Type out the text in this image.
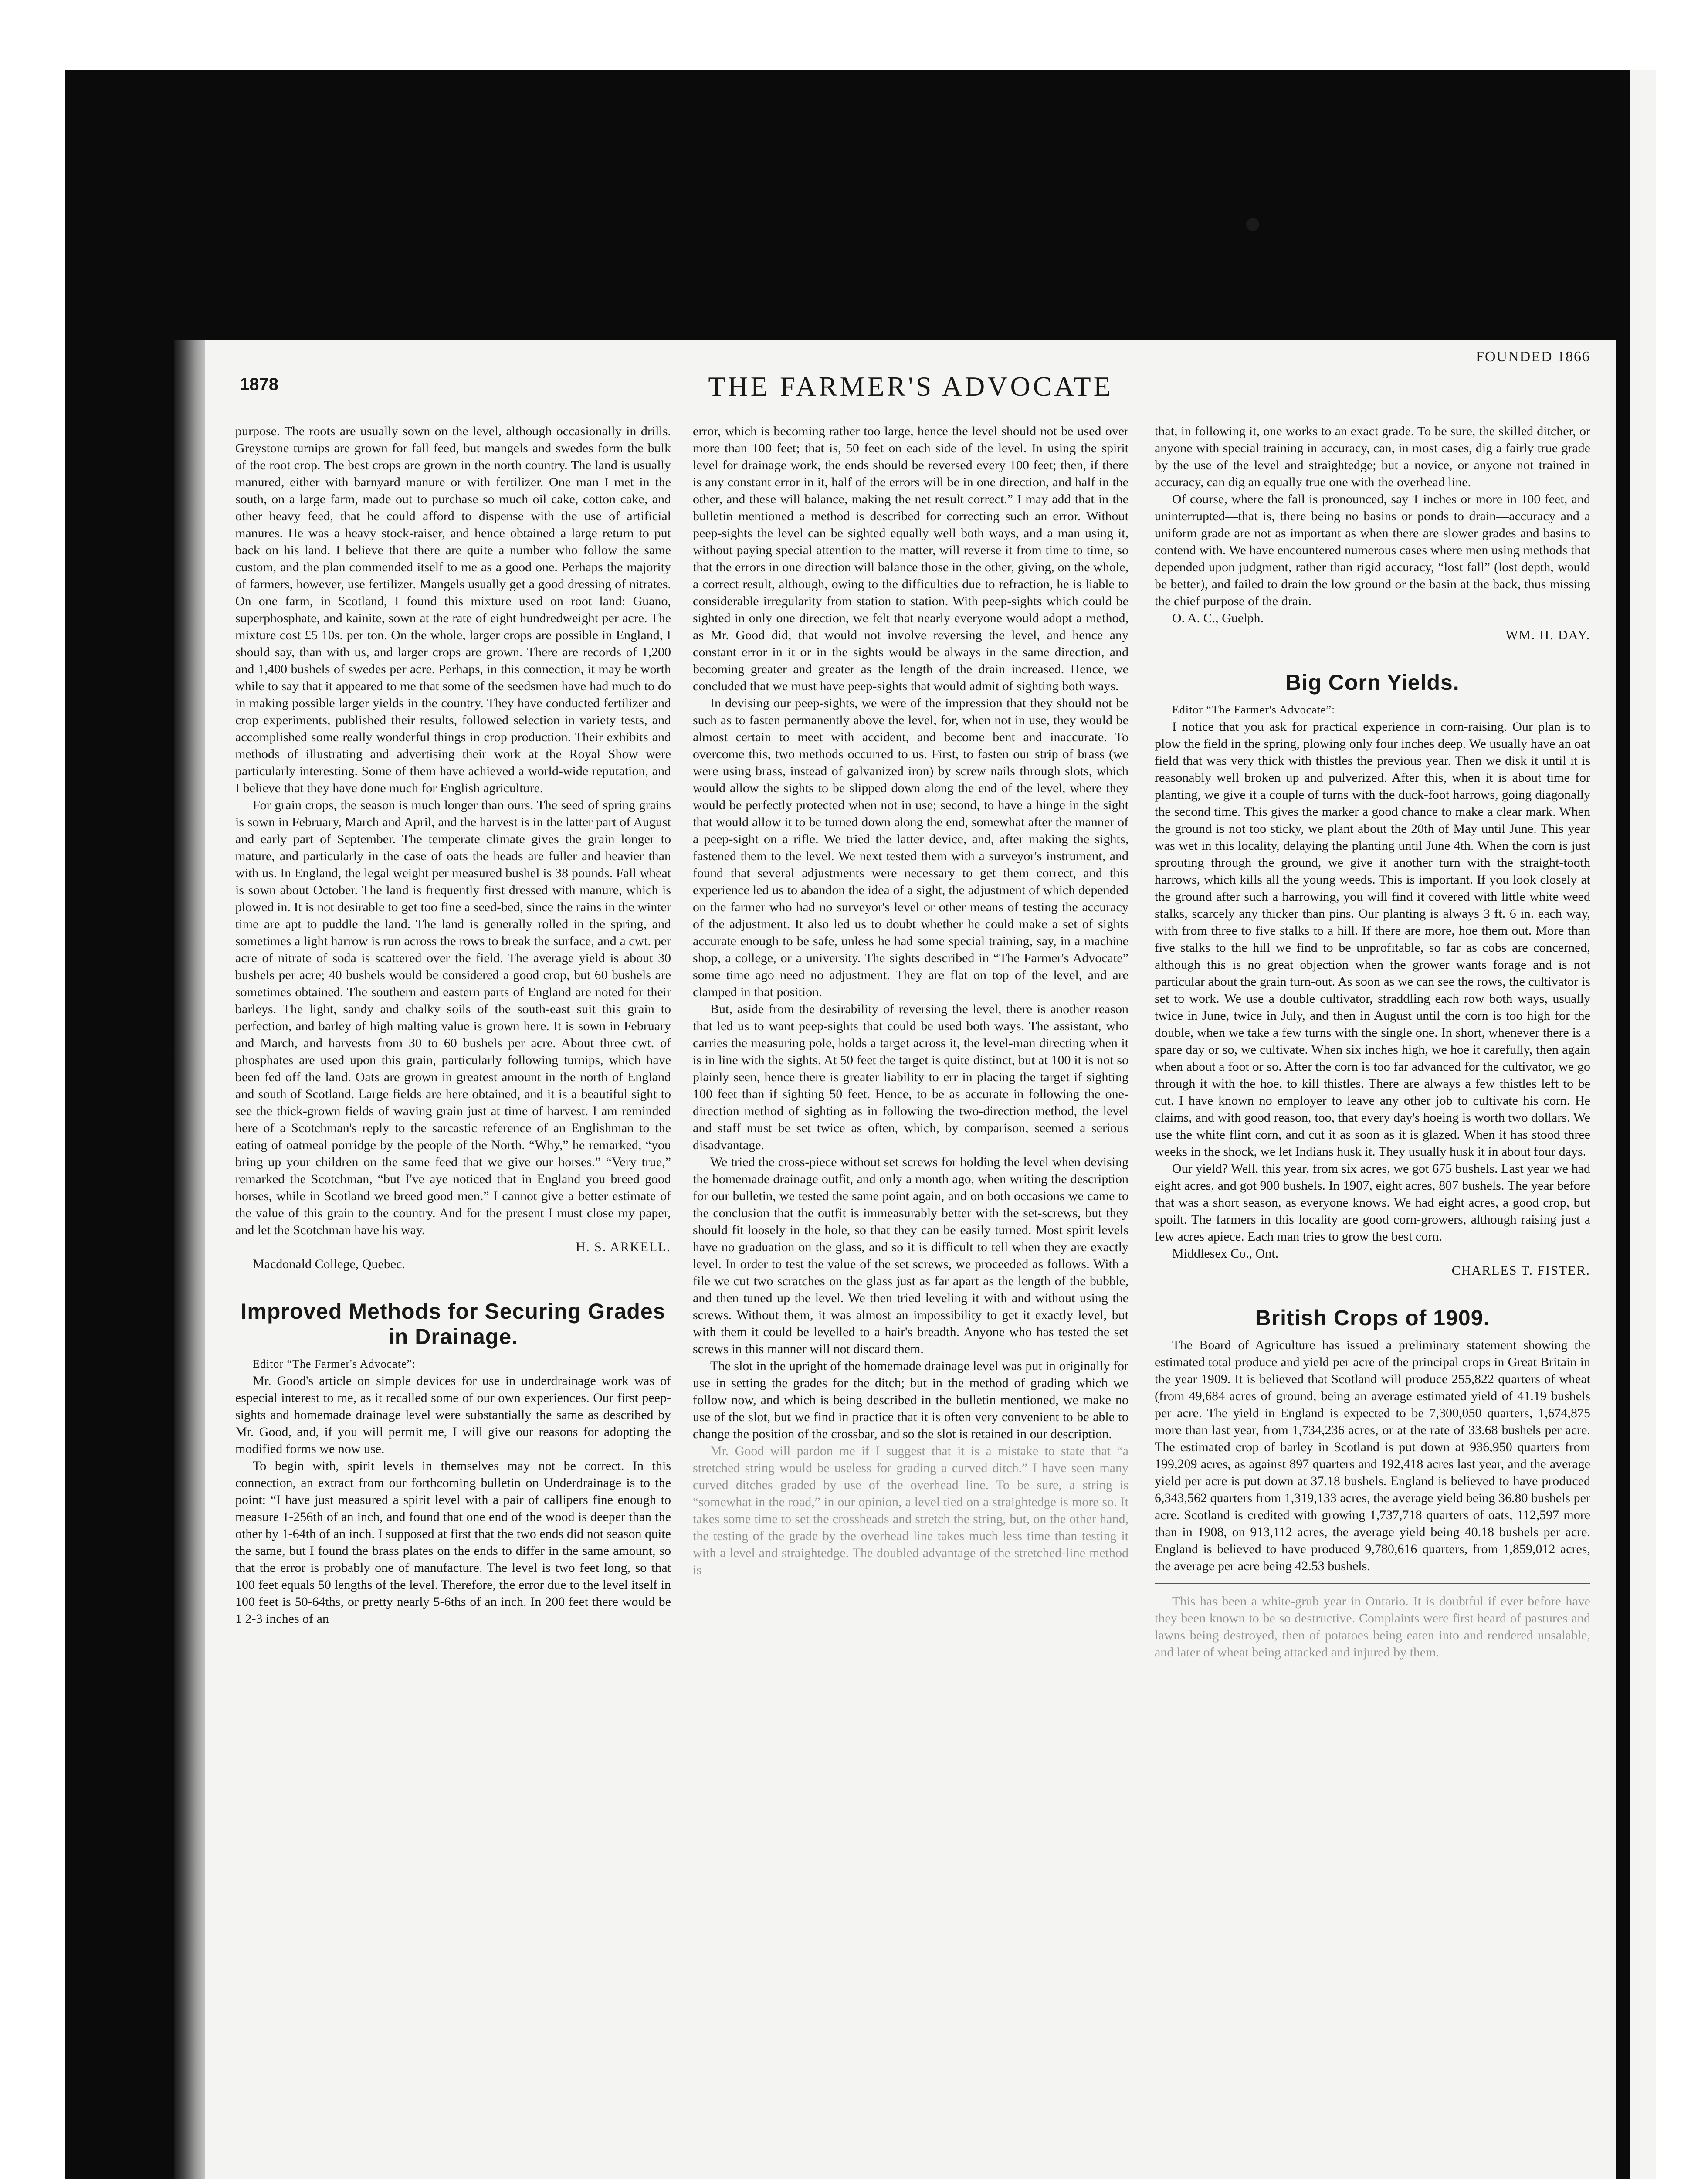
1878	THE FARMER'S ADVOCATE
FOUNDED 1866

purpose. The roots are usually sown on the level, although occasionally in drills. Greystone turnips are grown for fall feed, but mangels and swedes form the bulk of the root crop. The best crops are grown in the north country. The land is usually manured, either with barnyard manure or with fertilizer. One man I met in the south, on a large farm, made out to purchase so much oil cake, cotton cake, and other heavy feed, that he could afford to dispense with the use of artificial manures. He was a heavy stock-raiser, and hence obtained a large return to put back on his land. I believe that there are quite a number who follow the same custom, and the plan commended itself to me as a good one. Perhaps the majority of farmers, however, use fertilizer. Mangels usually get a good dressing of nitrates. On one farm, in Scotland, I found this mixture used on root land: Guano, superphosphate, and kainite, sown at the rate of eight hundredweight per acre. The mixture cost £5 10s. per ton. On the whole, larger crops are possible in England, I should say, than with us, and larger crops are grown. There are records of 1,200 and 1,400 bushels of swedes per acre. Perhaps, in this connection, it may be worth while to say that it appeared to me that some of the seedsmen have had much to do in making possible larger yields in the country. They have conducted fertilizer and crop experiments, published their results, followed selection in variety tests, and accomplished some really wonderful things in crop production. Their exhibits and methods of illustrating and advertising their work at the Royal Show were particularly interesting. Some of them have achieved a world-wide reputation, and I believe that they have done much for English agriculture.

For grain crops, the season is much longer than ours. The seed of spring grains is sown in February, March and April, and the harvest is in the latter part of August and early part of September. The temperate climate gives the grain longer to mature, and particularly in the case of oats the heads are fuller and heavier than with us. In England, the legal weight per measured bushel is 38 pounds. Fall wheat is sown about October. The land is frequently first dressed with manure, which is plowed in. It is not desirable to get too fine a seed-bed, since the rains in the winter time are apt to puddle the land. The land is generally rolled in the spring, and sometimes a light harrow is run across the rows to break the surface, and a cwt. per acre of nitrate of soda is scattered over the field. The average yield is about 30 bushels per acre; 40 bushels would be considered a good crop, but 60 bushels are sometimes obtained. The southern and eastern parts of England are noted for their barleys. The light, sandy and chalky soils of the south-east suit this grain to perfection, and barley of high malting value is grown here. It is sown in February and March, and harvests from 30 to 60 bushels per acre. About three cwt. of phosphates are used upon this grain, particularly following turnips, which have been fed off the land. Oats are grown in greatest amount in the north of England and south of Scotland. Large fields are here obtained, and it is a beautiful sight to see the thick-grown fields of waving grain just at time of harvest. I am reminded here of a Scotchman's reply to the sarcastic reference of an Englishman to the eating of oatmeal porridge by the people of the North. “Why,” he remarked, “you bring up your children on the same feed that we give our horses.” “Very true,” remarked the Scotchman, “but I've aye noticed that in England you breed good horses, while in Scotland we breed good men.” I cannot give a better estimate of the value of this grain to the country. And for the present I must close my paper, and let the Scotchman have his way.

H. S. ARKELL.

Macdonald College, Quebec.

Improved Methods for Securing Grades in Drainage.

Editor “The Farmer's Advocate”:

Mr. Good's article on simple devices for use in underdrainage work was of especial interest to me, as it recalled some of our own experiences. Our first peep-sights and homemade drainage level were substantially the same as described by Mr. Good, and, if you will permit me, I will give our reasons for adopting the modified forms we now use.

To begin with, spirit levels in themselves may not be correct. In this connection, an extract from our forthcoming bulletin on Underdrainage is to the point: “I have just measured a spirit level with a pair of callipers fine enough to measure 1-256th of an inch, and found that one end of the wood is deeper than the other by 1-64th of an inch. I supposed at first that the two ends did not season quite the same, but I found the brass plates on the ends to differ in the same amount, so that the error is probably one of manufacture. The level is two feet long, so that 100 feet equals 50 lengths of the level. Therefore, the error due to the level itself in 100 feet is 50-64ths, or pretty nearly 5-6ths of an inch. In 200 feet there would be 1 2-3 inches of an

error, which is becoming rather too large, hence the level should not be used over more than 100 feet; that is, 50 feet on each side of the level. In using the spirit level for drainage work, the ends should be reversed every 100 feet; then, if there is any constant error in it, half of the errors will be in one direction, and half in the other, and these will balance, making the net result correct.” I may add that in the bulletin mentioned a method is described for correcting such an error. Without peep-sights the level can be sighted equally well both ways, and a man using it, without paying special attention to the matter, will reverse it from time to time, so that the errors in one direction will balance those in the other, giving, on the whole, a correct result, although, owing to the difficulties due to refraction, he is liable to considerable irregularity from station to station. With peep-sights which could be sighted in only one direction, we felt that nearly everyone would adopt a method, as Mr. Good did, that would not involve reversing the level, and hence any constant error in it or in the sights would be always in the same direction, and becoming greater and greater as the length of the drain increased. Hence, we concluded that we must have peep-sights that would admit of sighting both ways.

In devising our peep-sights, we were of the impression that they should not be such as to fasten permanently above the level, for, when not in use, they would be almost certain to meet with accident, and become bent and inaccurate. To overcome this, two methods occurred to us. First, to fasten our strip of brass (we were using brass, instead of galvanized iron) by screw nails through slots, which would allow the sights to be slipped down along the end of the level, where they would be perfectly protected when not in use; second, to have a hinge in the sight that would allow it to be turned down along the end, somewhat after the manner of a peep-sight on a rifle. We tried the latter device, and, after making the sights, fastened them to the level. We next tested them with a surveyor's instrument, and found that several adjustments were necessary to get them correct, and this experience led us to abandon the idea of a sight, the adjustment of which depended on the farmer who had no surveyor's level or other means of testing the accuracy of the adjustment. It also led us to doubt whether he could make a set of sights accurate enough to be safe, unless he had some special training, say, in a machine shop, a college, or a university. The sights described in “The Farmer's Advocate” some time ago need no adjustment. They are flat on top of the level, and are clamped in that position.

But, aside from the desirability of reversing the level, there is another reason that led us to want peep-sights that could be used both ways. The assistant, who carries the measuring pole, holds a target across it, the level-man directing when it is in line with the sights. At 50 feet the target is quite distinct, but at 100 it is not so plainly seen, hence there is greater liability to err in placing the target if sighting 100 feet than if sighting 50 feet. Hence, to be as accurate in following the one-direction method of sighting as in following the two-direction method, the level and staff must be set twice as often, which, by comparison, seemed a serious disadvantage.

We tried the cross-piece without set screws for holding the level when devising the homemade drainage outfit, and only a month ago, when writing the description for our bulletin, we tested the same point again, and on both occasions we came to the conclusion that the outfit is immeasurably better with the set-screws, but they should fit loosely in the hole, so that they can be easily turned. Most spirit levels have no graduation on the glass, and so it is difficult to tell when they are exactly level. In order to test the value of the set screws, we proceeded as follows. With a file we cut two scratches on the glass just as far apart as the length of the bubble, and then tuned up the level. We then tried leveling it with and without using the screws. Without them, it was almost an impossibility to get it exactly level, but with them it could be levelled to a hair's breadth. Anyone who has tested the set screws in this manner will not discard them.

The slot in the upright of the homemade drainage level was put in originally for use in setting the grades for the ditch; but in the method of grading which we follow now, and which is being described in the bulletin mentioned, we make no use of the slot, but we find in practice that it is often very convenient to be able to change the position of the crossbar, and so the slot is retained in our description.

Mr. Good will pardon me if I suggest that it is a mistake to state that “a stretched string would be useless for grading a curved ditch.” I have seen many curved ditches graded by use of the overhead line. To be sure, a string is “somewhat in the road,” in our opinion, a level tied on a straightedge is more so. It takes some time to set the crossheads and stretch the string, but, on the other hand, the testing of the grade by the overhead line takes much less time than testing it with a level and straightedge. The doubled advantage of the stretched-line method is

that, in following it, one works to an exact grade. To be sure, the skilled ditcher, or anyone with special training in accuracy, can, in most cases, dig a fairly true grade by the use of the level and straightedge; but a novice, or anyone not trained in accuracy, can dig an equally true one with the overhead line.

Of course, where the fall is pronounced, say 1 inches or more in 100 feet, and uninterrupted—that is, there being no basins or ponds to drain—accuracy and a uniform grade are not as important as when there are slower grades and basins to contend with. We have encountered numerous cases where men using methods that depended upon judgment, rather than rigid accuracy, “lost fall” (lost depth, would be better), and failed to drain the low ground or the basin at the back, thus missing the chief purpose of the drain.

O. A. C., Guelph.

WM. H. DAY.

Big Corn Yields.

Editor “The Farmer's Advocate”:

I notice that you ask for practical experience in corn-raising. Our plan is to plow the field in the spring, plowing only four inches deep. We usually have an oat field that was very thick with thistles the previous year. Then we disk it until it is reasonably well broken up and pulverized. After this, when it is about time for planting, we give it a couple of turns with the duck-foot harrows, going diagonally the second time. This gives the marker a good chance to make a clear mark. When the ground is not too sticky, we plant about the 20th of May until June. This year was wet in this locality, delaying the planting until June 4th. When the corn is just sprouting through the ground, we give it another turn with the straight-tooth harrows, which kills all the young weeds. This is important. If you look closely at the ground after such a harrowing, you will find it covered with little white weed stalks, scarcely any thicker than pins. Our planting is always 3 ft. 6 in. each way, with from three to five stalks to a hill. If there are more, hoe them out. More than five stalks to the hill we find to be unprofitable, so far as cobs are concerned, although this is no great objection when the grower wants forage and is not particular about the grain turn-out. As soon as we can see the rows, the cultivator is set to work. We use a double cultivator, straddling each row both ways, usually twice in June, twice in July, and then in August until the corn is too high for the double, when we take a few turns with the single one. In short, whenever there is a spare day or so, we cultivate. When six inches high, we hoe it carefully, then again when about a foot or so. After the corn is too far advanced for the cultivator, we go through it with the hoe, to kill thistles. There are always a few thistles left to be cut. I have known no employer to leave any other job to cultivate his corn. He claims, and with good reason, too, that every day's hoeing is worth two dollars. We use the white flint corn, and cut it as soon as it is glazed. When it has stood three weeks in the shock, we let Indians husk it. They usually husk it in about four days.

Our yield? Well, this year, from six acres, we got 675 bushels. Last year we had eight acres, and got 900 bushels. In 1907, eight acres, 807 bushels. The year before that was a short season, as everyone knows. We had eight acres, a good crop, but spoilt. The farmers in this locality are good corn-growers, although raising just a few acres apiece. Each man tries to grow the best corn.

Middlesex Co., Ont.

CHARLES T. FISTER.

British Crops of 1909.

The Board of Agriculture has issued a preliminary statement showing the estimated total produce and yield per acre of the principal crops in Great Britain in the year 1909. It is believed that Scotland will produce 255,822 quarters of wheat (from 49,684 acres of ground, being an average estimated yield of 41.19 bushels per acre. The yield in England is expected to be 7,300,050 quarters, 1,674,875 more than last year, from 1,734,236 acres, or at the rate of 33.68 bushels per acre. The estimated crop of barley in Scotland is put down at 936,950 quarters from 199,209 acres, as against 897 quarters and 192,418 acres last year, and the average yield per acre is put down at 37.18 bushels. England is believed to have produced 6,343,562 quarters from 1,319,133 acres, the average yield being 36.80 bushels per acre. Scotland is credited with growing 1,737,718 quarters of oats, 112,597 more than in 1908, on 913,112 acres, the average yield being 40.18 bushels per acre. England is believed to have produced 9,780,616 quarters, from 1,859,012 acres, the average per acre being 42.53 bushels.

This has been a white-grub year in Ontario. It is doubtful if ever before have they been known to be so destructive. Complaints were first heard of pastures and lawns being destroyed, then of potatoes being eaten into and rendered unsalable, and later of wheat being attacked and injured by them.
